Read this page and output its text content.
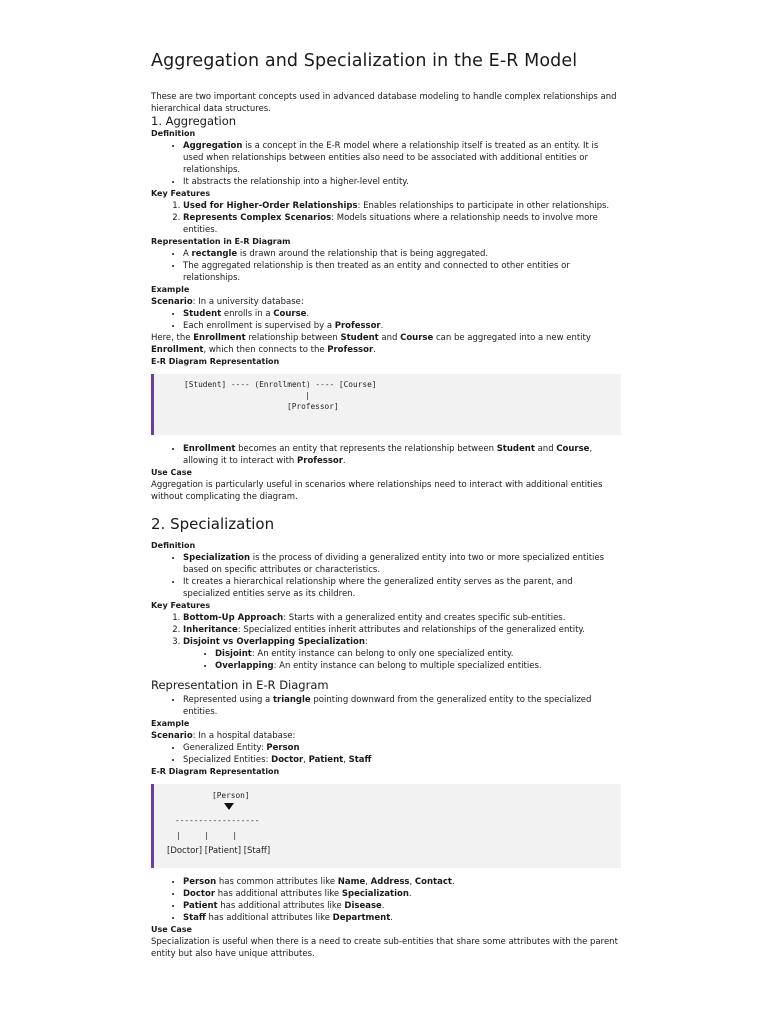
Aggregation and Specialization in the E-R Model

These are two important concepts used in advanced database modeling to handle complex relationships and hierarchical data structures.

1. Aggregation
Definition
• Aggregation is a concept in the E-R model where a relationship itself is treated as an entity. It is used when relationships between entities also need to be associated with additional entities or relationships.
• It abstracts the relationship into a higher-level entity.
Key Features
1. Used for Higher-Order Relationships: Enables relationships to participate in other relationships.
2. Represents Complex Scenarios: Models situations where a relationship needs to involve more entities.
Representation in E-R Diagram
• A rectangle is drawn around the relationship that is being aggregated.
• The aggregated relationship is then treated as an entity and connected to other entities or relationships.
Example

Scenario: In a university database:

• Student enrolls in a Course.
• Each enrollment is supervised by a Professor.

Here, the Enrollment relationship between Student and Course can be aggregated into a new entity Enrollment, which then connects to the Professor.

E-R Diagram Representation
[Student] ---- (Enrollment) ---- [Course]
|
[Professor]
• Enrollment becomes an entity that represents the relationship between Student and Course, allowing it to interact with Professor.
Use Case

Aggregation is particularly useful in scenarios where relationships need to interact with additional entities without complicating the diagram.

2. Specialization
Definition
• Specialization is the process of dividing a generalized entity into two or more specialized entities based on specific attributes or characteristics.
• It creates a hierarchical relationship where the generalized entity serves as the parent, and specialized entities serve as its children.
Key Features
1. Bottom-Up Approach: Starts with a generalized entity and creates specific sub-entities.
2. Inheritance: Specialized entities inherit attributes and relationships of the generalized entity.
3. Disjoint vs Overlapping Specialization:
• Disjoint: An entity instance can belong to only one specialized entity.
• Overlapping: An entity instance can belong to multiple specialized entities.
Representation in E-R Diagram
• Represented using a triangle pointing downward from the generalized entity to the specialized entities.
Example

Scenario: In a hospital database:

• Generalized Entity: Person
• Specialized Entities: Doctor, Patient, Staff
E-R Diagram Representation
[Person]
------------------
|     |     |
[Doctor] [Patient] [Staff]
• Person has common attributes like Name, Address, Contact.
• Doctor has additional attributes like Specialization.
• Patient has additional attributes like Disease.
• Staff has additional attributes like Department.
Use Case

Specialization is useful when there is a need to create sub-entities that share some attributes with the parent entity but also have unique attributes.
